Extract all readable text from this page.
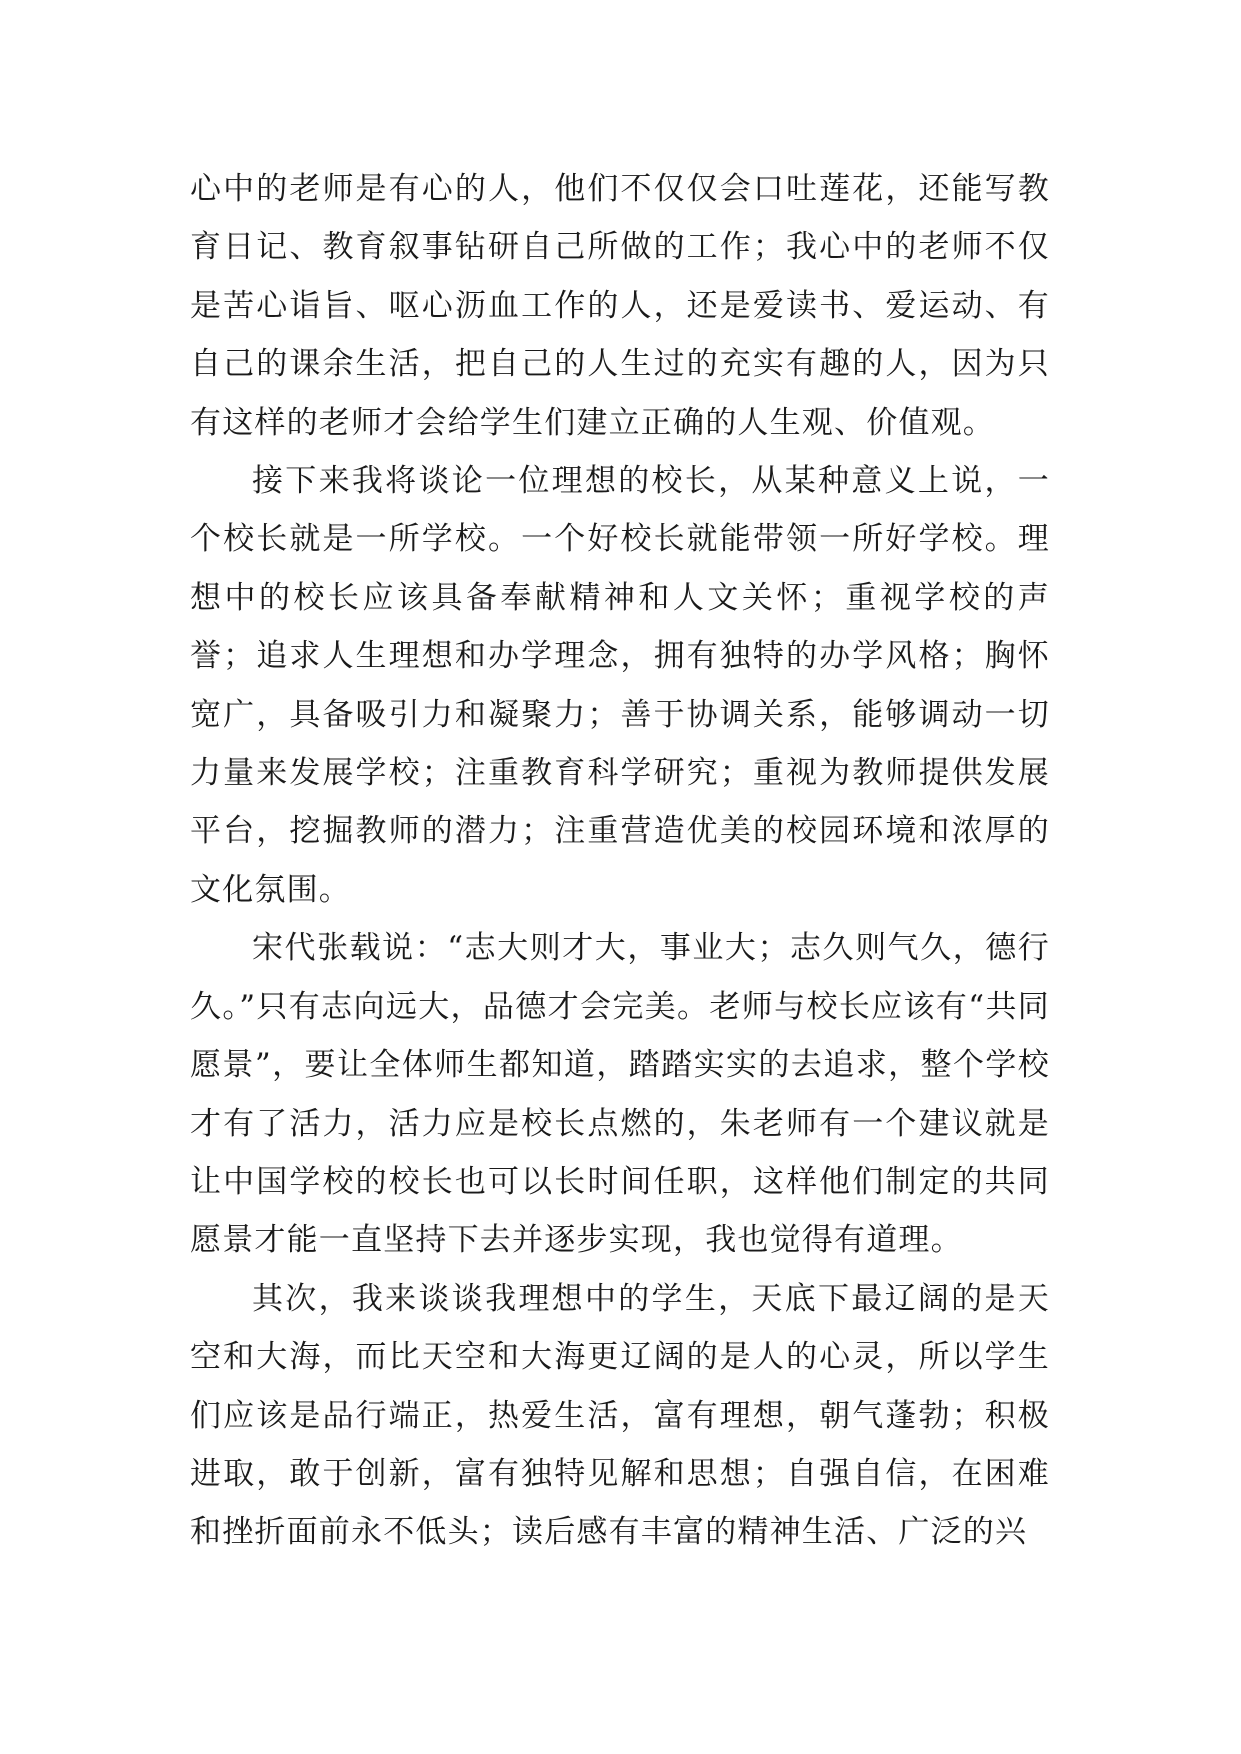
心中的老师是有心的人，他们不仅仅会口吐莲花，还能写教育日记、教育叙事钻研自己所做的工作；我心中的老师不仅是苦心诣旨、呕心沥血工作的人，还是爱读书、爱运动、有自己的课余生活，把自己的人生过的充实有趣的人，因为只有这样的老师才会给学生们建立正确的人生观、价值观。

接下来我将谈论一位理想的校长，从某种意义上说，一个校长就是一所学校。一个好校长就能带领一所好学校。理想中的校长应该具备奉献精神和人文关怀；重视学校的声誉；追求人生理想和办学理念，拥有独特的办学风格；胸怀宽广，具备吸引力和凝聚力；善于协调关系，能够调动一切力量来发展学校；注重教育科学研究；重视为教师提供发展平台，挖掘教师的潜力；注重营造优美的校园环境和浓厚的文化氛围。

宋代张载说：“志大则才大，事业大；志久则气久，德行久。”只有志向远大，品德才会完美。老师与校长应该有“共同愿景”，要让全体师生都知道，踏踏实实的去追求，整个学校才有了活力，活力应是校长点燃的，朱老师有一个建议就是让中国学校的校长也可以长时间任职，这样他们制定的共同愿景才能一直坚持下去并逐步实现，我也觉得有道理。

其次，我来谈谈我理想中的学生，天底下最辽阔的是天空和大海，而比天空和大海更辽阔的是人的心灵，所以学生们应该是品行端正，热爱生活，富有理想，朝气蓬勃；积极进取，敢于创新，富有独特见解和思想；自强自信，在困难和挫折面前永不低头；读后感有丰富的精神生活、广泛的兴
